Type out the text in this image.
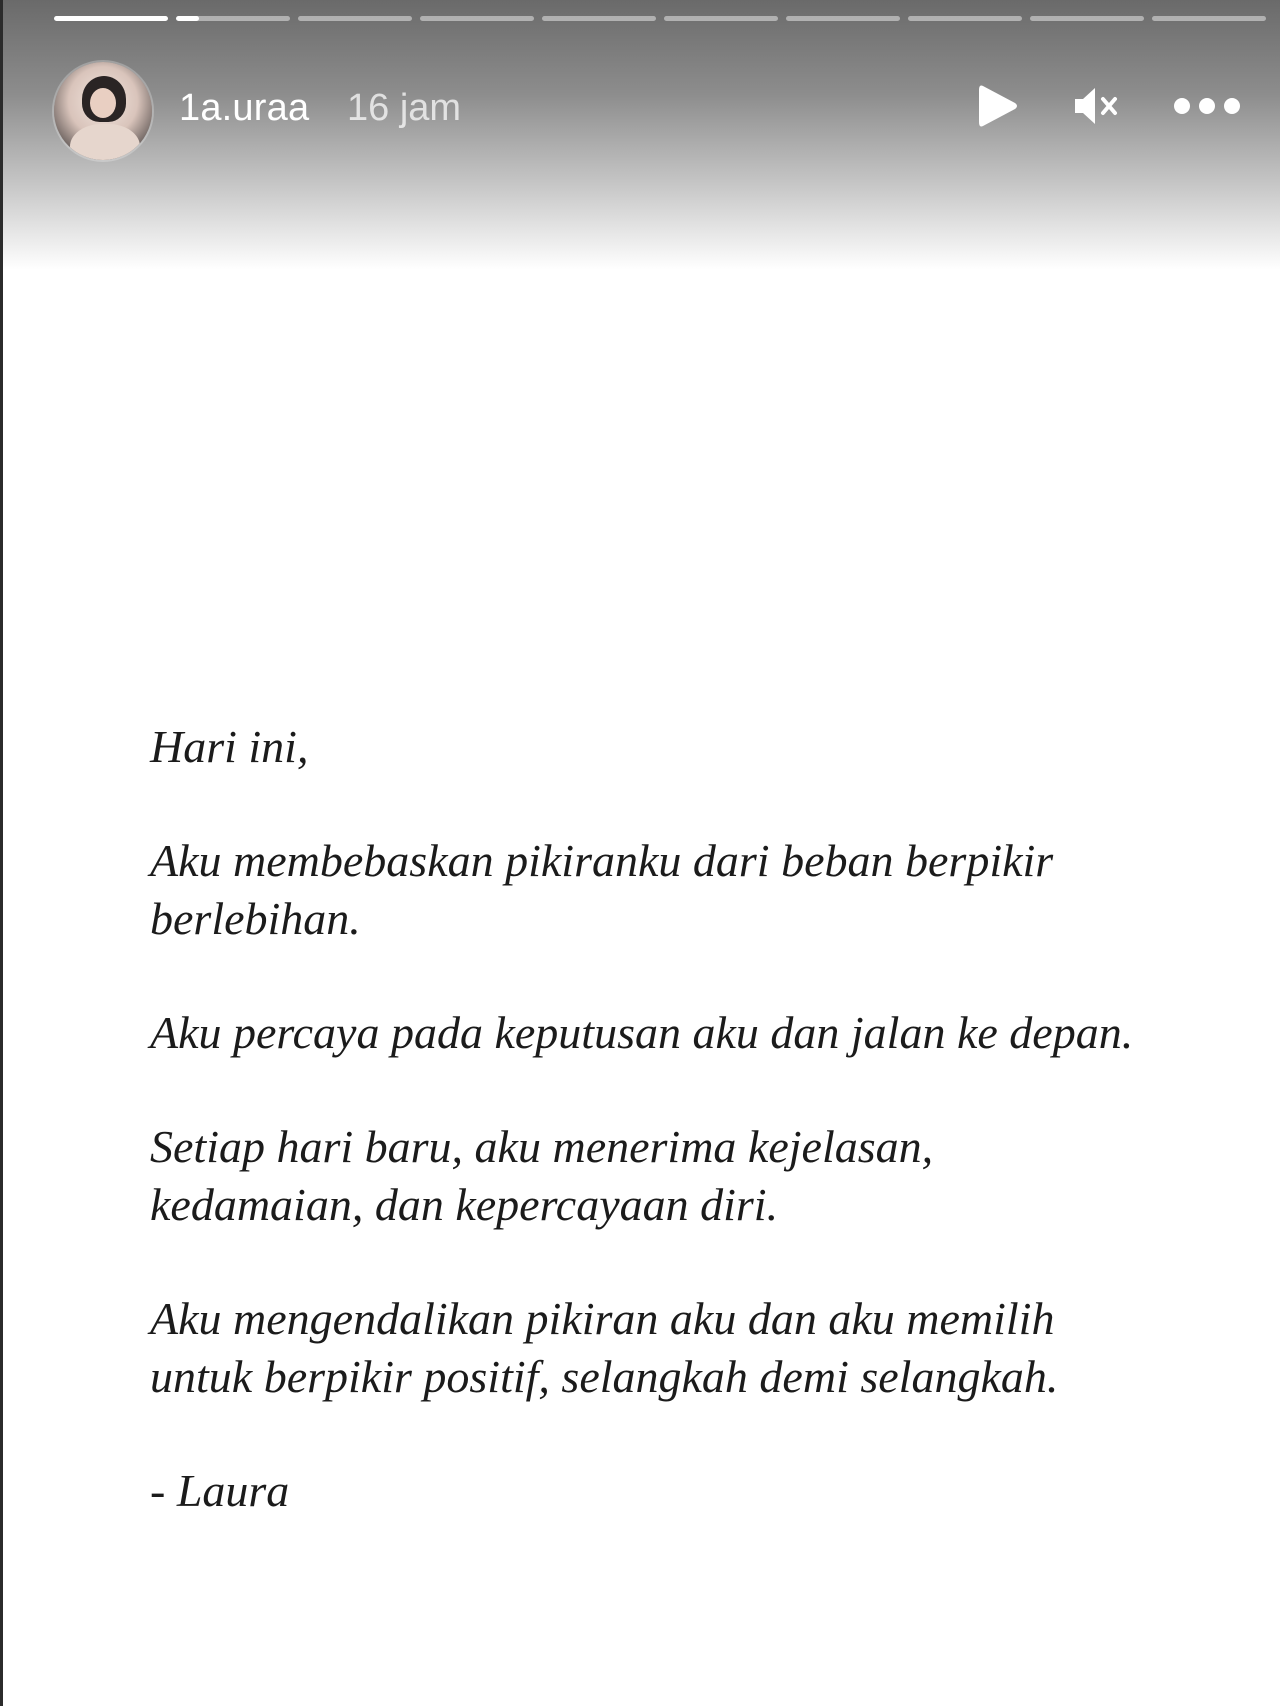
1a.uraa 16 jam

Hari ini,

Aku membebaskan pikiranku dari beban berpikir
berlebihan.

Aku percaya pada keputusan aku dan jalan ke depan.

Setiap hari baru, aku menerima kejelasan,
kedamaian, dan kepercayaan diri.

Aku mengendalikan pikiran aku dan aku memilih
untuk berpikir positif, selangkah demi selangkah.

- Laura
